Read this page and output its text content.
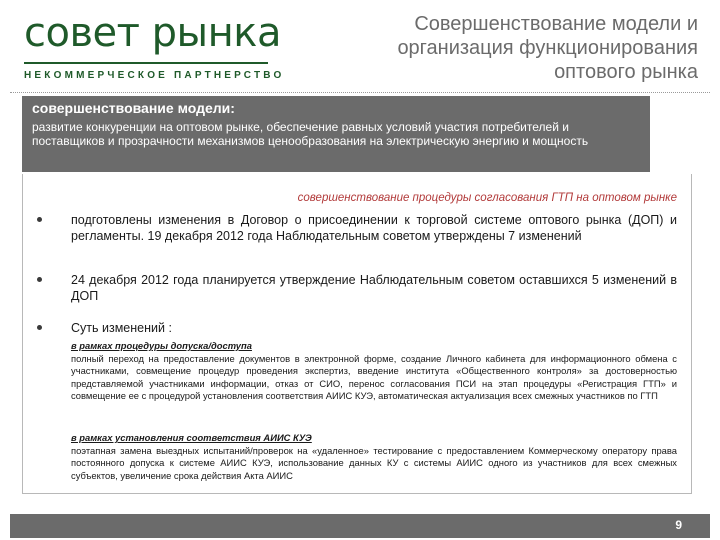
совет рынка
НЕКОММЕРЧЕСКОЕ ПАРТНЕРСТВО
Совершенствование модели и организация функционирования оптового рынка
совершенствование модели:
развитие конкуренции на оптовом рынке, обеспечение равных условий участия потребителей и поставщиков и прозрачности механизмов ценообразования на электрическую энергию и мощность
совершенствование процедуры согласования ГТП на оптовом рынке
подготовлены изменения в Договор о присоединении к торговой системе оптового рынка (ДОП) и регламенты. 19 декабря 2012 года Наблюдательным советом утверждены 7 изменений
24 декабря 2012 года планируется утверждение Наблюдательным советом оставшихся 5 изменений в ДОП
Суть изменений :
в рамках процедуры допуска/доступа
полный переход на предоставление документов в электронной форме, создание Личного кабинета для информационного обмена с участниками, совмещение процедур проведения экспертиз, введение института «Общественного контроля» за достоверностью представляемой участниками информации, отказ от СИО, перенос согласования ПСИ на этап процедуры «Регистрация ГТП» и совмещение ее с процедурой установления соответствия АИИС КУЭ, автоматическая актуализация всех смежных участников по ГТП
в рамках установления соответствия АИИС КУЭ
поэтапная замена выездных испытаний/проверок на «удаленное» тестирование с предоставлением Коммерческому оператору права постоянного допуска к системе АИИС КУЭ, использование данных КУ с системы АИИС одного из участников для всех смежных субъектов, увеличение срока действия Акта АИИС
9
